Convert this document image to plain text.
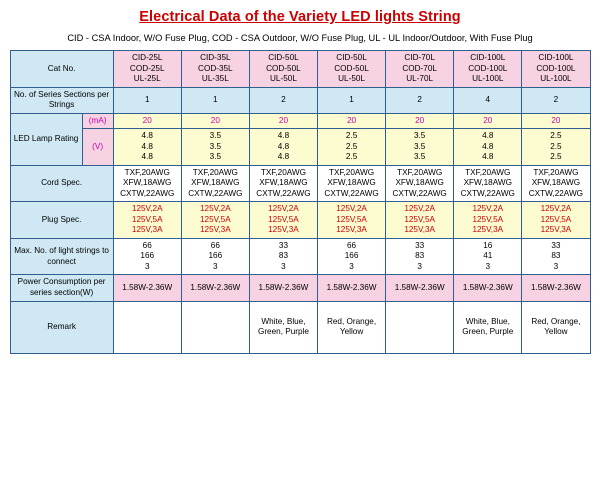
Electrical Data of the Variety LED lights String
CID - CSA Indoor, W/O Fuse Plug, COD - CSA Outdoor, W/O Fuse Plug, UL - UL Indoor/Outdoor, With Fuse Plug
Cat No.		CID-25L
COD-25L
UL-25L	CID-35L
COD-35L
UL-35L	CID-50L
COD-50L
UL-50L	CID-50L
COD-50L
UL-50L	CID-70L
COD-70L
UL-70L	CID-100L
COD-100L
UL-100L	CID-100L
COD-100L
UL-100L

No. of Series Sections per Strings		1	1	2	1	2	4	2
LED Lamp Rating	(mA)	20	20	20	20	20	20	20
	(V)	4.8
4.8
4.8	3.5
3.5
3.5	4.8
4.8
4.8	2.5
2.5
2.5	3.5
3.5
3.5	4.8
4.8
4.8	2.5
2.5
2.5

Cord Spec.		TXF,20AWG
XFW,18AWG
CXTW,22AWG	TXF,20AWG
XFW,18AWG
CXTW,22AWG	TXF,20AWG
XFW,18AWG
CXTW,22AWG	TXF,20AWG
XFW,18AWG
CXTW,22AWG	TXF,20AWG
XFW,18AWG
CXTW,22AWG	TXF,20AWG
XFW,18AWG
CXTW,22AWG	TXF,20AWG
XFW,18AWG
CXTW,22AWG

Plug Spec.		125V,2A
125V,5A
125V,3A	125V,2A
125V,5A
125V,3A	125V,2A
125V,5A
125V,3A	125V,2A
125V,5A
125V,3A	125V,2A
125V,5A
125V,3A	125V,2A
125V,5A
125V,3A	125V,2A
125V,5A
125V,3A

Max. No. of light strings to connect		66
166
3	66
166
3	33
83
3	66
166
3	33
83
3	16
41
3	33
83
3

Power Consumption per series section(W)		1.58W-2.36W	1.58W-2.36W	1.58W-2.36W	1.58W-2.36W	1.58W-2.36W	1.58W-2.36W	1.58W-2.36W
Remark				White, Blue,
Green, Purple	Red, Orange,
Yellow		White, Blue,
Green, Purple	Red, Orange,
Yellow
